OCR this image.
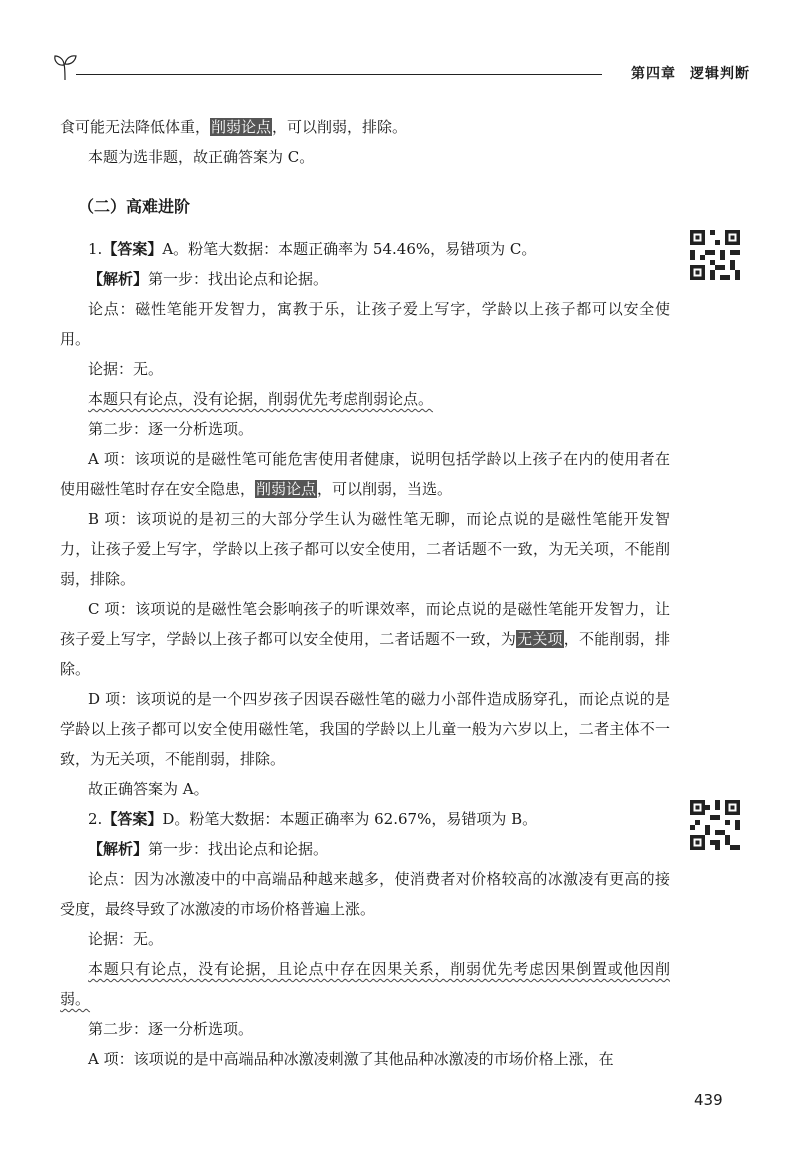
第四章 逻辑判断

食可能无法降低体重，削弱论点，可以削弱，排除。

本题为选非题，故正确答案为 C。

（二）高难进阶

1.【答案】A。粉笔大数据：本题正确率为 54.46%，易错项为 C。

【解析】第一步：找出论点和论据。

论点：磁性笔能开发智力，寓教于乐，让孩子爱上写字，学龄以上孩子都可以安全使用。

论据：无。

本题只有论点，没有论据，削弱优先考虑削弱论点。

第二步：逐一分析选项。

A 项：该项说的是磁性笔可能危害使用者健康，说明包括学龄以上孩子在内的使用者在使用磁性笔时存在安全隐患，削弱论点，可以削弱，当选。

B 项：该项说的是初三的大部分学生认为磁性笔无聊，而论点说的是磁性笔能开发智力，让孩子爱上写字，学龄以上孩子都可以安全使用，二者话题不一致，为无关项，不能削弱，排除。

C 项：该项说的是磁性笔会影响孩子的听课效率，而论点说的是磁性笔能开发智力，让孩子爱上写字，学龄以上孩子都可以安全使用，二者话题不一致，为无关项，不能削弱，排除。

D 项：该项说的是一个四岁孩子因误吞磁性笔的磁力小部件造成肠穿孔，而论点说的是学龄以上孩子都可以安全使用磁性笔，我国的学龄以上儿童一般为六岁以上，二者主体不一致，为无关项，不能削弱，排除。

故正确答案为 A。

2.【答案】D。粉笔大数据：本题正确率为 62.67%，易错项为 B。

【解析】第一步：找出论点和论据。

论点：因为冰激凌中的中高端品种越来越多，使消费者对价格较高的冰激凌有更高的接受度，最终导致了冰激凌的市场价格普遍上涨。

论据：无。

本题只有论点，没有论据，且论点中存在因果关系，削弱优先考虑因果倒置或他因削弱。

第二步：逐一分析选项。

A 项：该项说的是中高端品种冰激凌刺激了其他品种冰激凌的市场价格上涨，在

439
